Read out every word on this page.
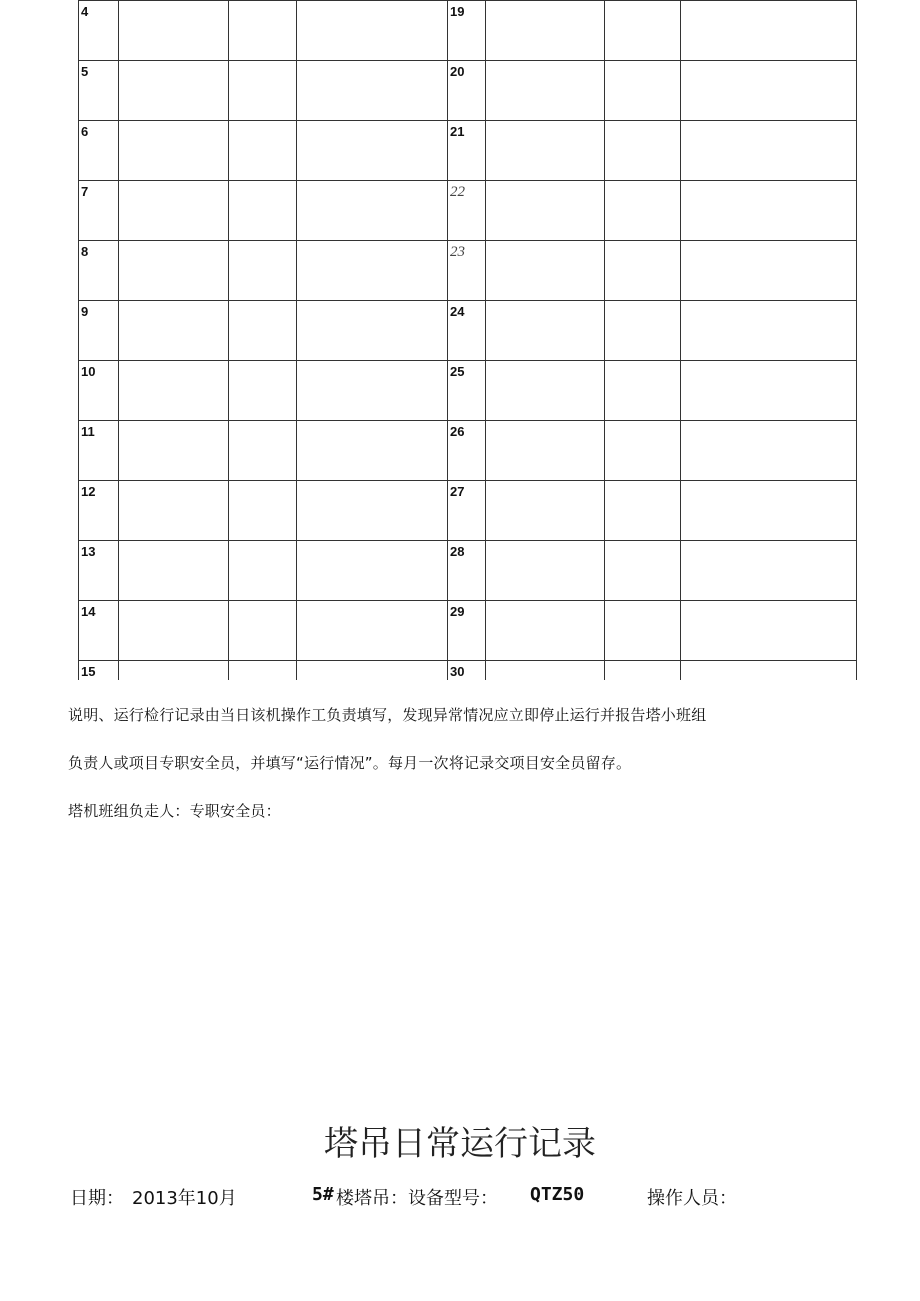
4				19			
5				20			
6				21			
7				22			
8				23			
9				24			
10				25			
11				26			
12				27			
13				28			
14				29			
15				30			
说明、运行检行记录由当日该机操作工负责填写，发现异常情况应立即停止运行并报告塔小班组
负责人或项目专职安全员，并填写“运行情况”。每月一次将记录交项目安全员留存。
塔机班组负走人：专职安全员：
塔吊日常运行记录
日期： 2013年10月	5# 楼塔吊：设备型号： QTZ50	操作人员：
